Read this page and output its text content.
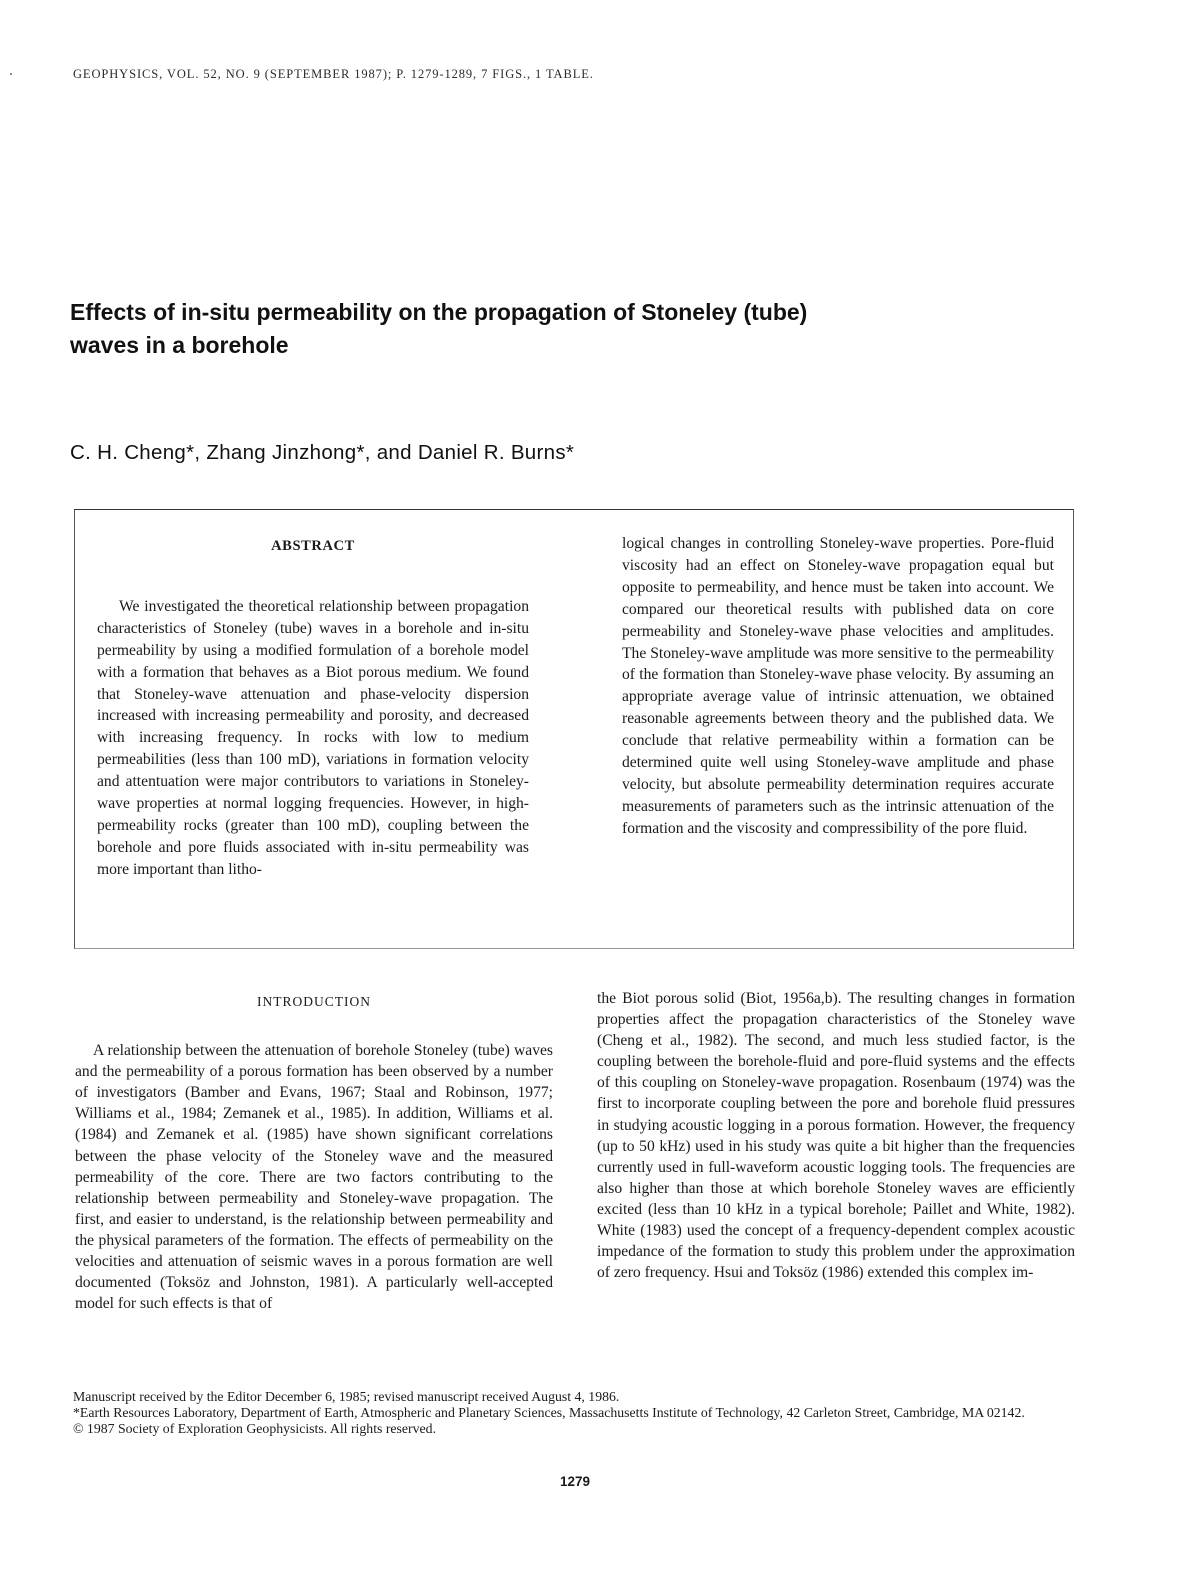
GEOPHYSICS, VOL. 52, NO. 9 (SEPTEMBER 1987); P. 1279-1289, 7 FIGS., 1 TABLE.
Effects of in-situ permeability on the propagation of Stoneley (tube) waves in a borehole
C. H. Cheng*, Zhang Jinzhong*, and Daniel R. Burns*
ABSTRACT

We investigated the theoretical relationship between propagation characteristics of Stoneley (tube) waves in a borehole and in-situ permeability by using a modified formulation of a borehole model with a formation that behaves as a Biot porous medium. We found that Stoneley-wave attenuation and phase-velocity dispersion increased with increasing permeability and porosity, and decreased with increasing frequency. In rocks with low to medium permeabilities (less than 100 mD), variations in formation velocity and attentuation were major contributors to variations in Stoneley-wave properties at normal logging frequencies. However, in high-permeability rocks (greater than 100 mD), coupling between the borehole and pore fluids associated with in-situ permeability was more important than litho-

logical changes in controlling Stoneley-wave properties. Pore-fluid viscosity had an effect on Stoneley-wave propagation equal but opposite to permeability, and hence must be taken into account. We compared our theoretical results with published data on core permeability and Stoneley-wave phase velocities and amplitudes. The Stoneley-wave amplitude was more sensitive to the permeability of the formation than Stoneley-wave phase velocity. By assuming an appropriate average value of intrinsic attenuation, we obtained reasonable agreements between theory and the published data. We conclude that relative permeability within a formation can be determined quite well using Stoneley-wave amplitude and phase velocity, but absolute permeability determination requires accurate measurements of parameters such as the intrinsic attenuation of the formation and the viscosity and compressibility of the pore fluid.

INTRODUCTION

A relationship between the attenuation of borehole Stoneley (tube) waves and the permeability of a porous formation has been observed by a number of investigators (Bamber and Evans, 1967; Staal and Robinson, 1977; Williams et al., 1984; Zemanek et al., 1985). In addition, Williams et al. (1984) and Zemanek et al. (1985) have shown significant correlations between the phase velocity of the Stoneley wave and the measured permeability of the core. There are two factors contributing to the relationship between permeability and Stoneley-wave propagation. The first, and easier to understand, is the relationship between permeability and the physical parameters of the formation. The effects of permeability on the velocities and attenuation of seismic waves in a porous formation are well documented (Toksöz and Johnston, 1981). A particularly well-accepted model for such effects is that of

the Biot porous solid (Biot, 1956a,b). The resulting changes in formation properties affect the propagation characteristics of the Stoneley wave (Cheng et al., 1982). The second, and much less studied factor, is the coupling between the borehole-fluid and pore-fluid systems and the effects of this coupling on Stoneley-wave propagation. Rosenbaum (1974) was the first to incorporate coupling between the pore and borehole fluid pressures in studying acoustic logging in a porous formation. However, the frequency (up to 50 kHz) used in his study was quite a bit higher than the frequencies currently used in full-waveform acoustic logging tools. The frequencies are also higher than those at which borehole Stoneley waves are efficiently excited (less than 10 kHz in a typical borehole; Paillet and White, 1982). White (1983) used the concept of a frequency-dependent complex acoustic impedance of the formation to study this problem under the approximation of zero frequency. Hsui and Toksöz (1986) extended this complex im-

Manuscript received by the Editor December 6, 1985; revised manuscript received August 4, 1986.
*Earth Resources Laboratory, Department of Earth, Atmospheric and Planetary Sciences, Massachusetts Institute of Technology, 42 Carleton Street, Cambridge, MA 02142.
© 1987 Society of Exploration Geophysicists. All rights reserved.
1279
